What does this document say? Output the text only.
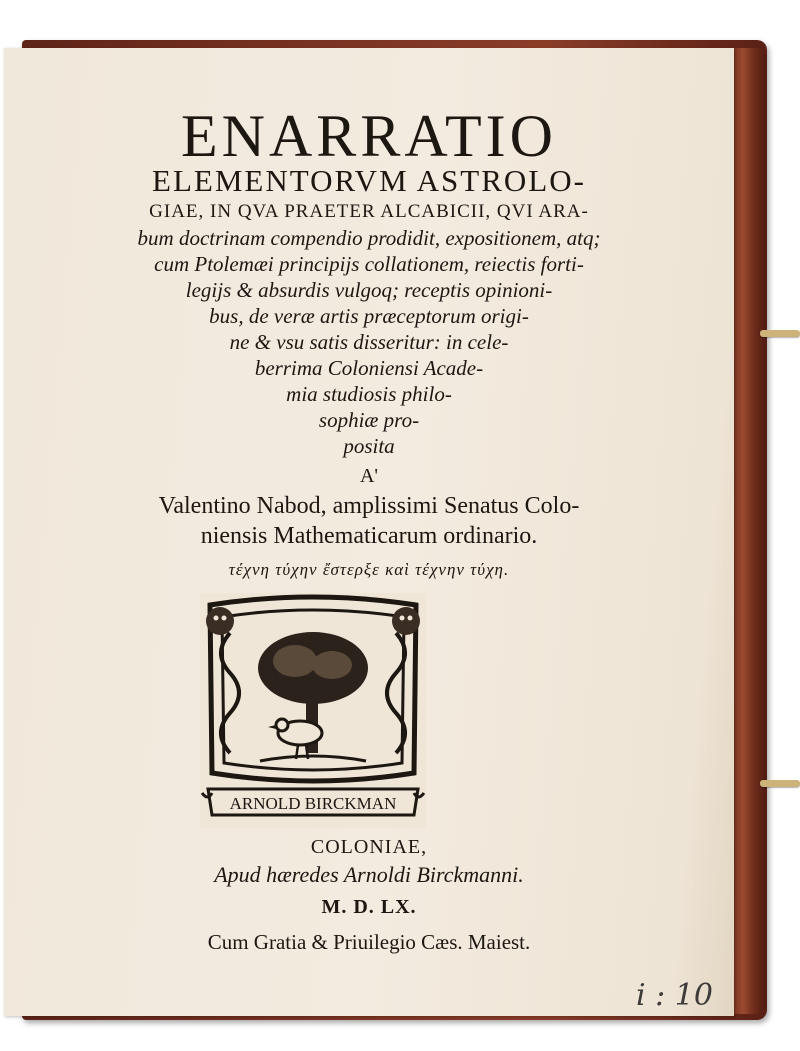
ENARRATIO
ELEMENTORVM ASTROLO-
GIAE, IN QVA PRAETER ALCABICII, QVI ARA-
bum doctrinam compendio prodidit, expositionem, atq;
cum Ptolemæi principijs collationem, reiectis forti-
legijs & absurdis vulgoq; receptis opinioni-
bus, de veræ artis præceptorum origi-
ne & vsu satis disseritur: in cele-
berrima Coloniensi Acade-
mia studiosis philo-
sophiæ pro-
posita
A'
Valentino Nabod, amplissimi Senatus Colo-
niensis Mathematicarum ordinario.
τέχνη τύχην ἔστερξε καὶ τέχνην τύχη.
ARNOLD BIRCKMAN
COLONIAE,
Apud hæredes Arnoldi Birckmanni.
M. D. LX.
Cum Gratia & Priuilegio Cæs. Maiest.
i : 10
